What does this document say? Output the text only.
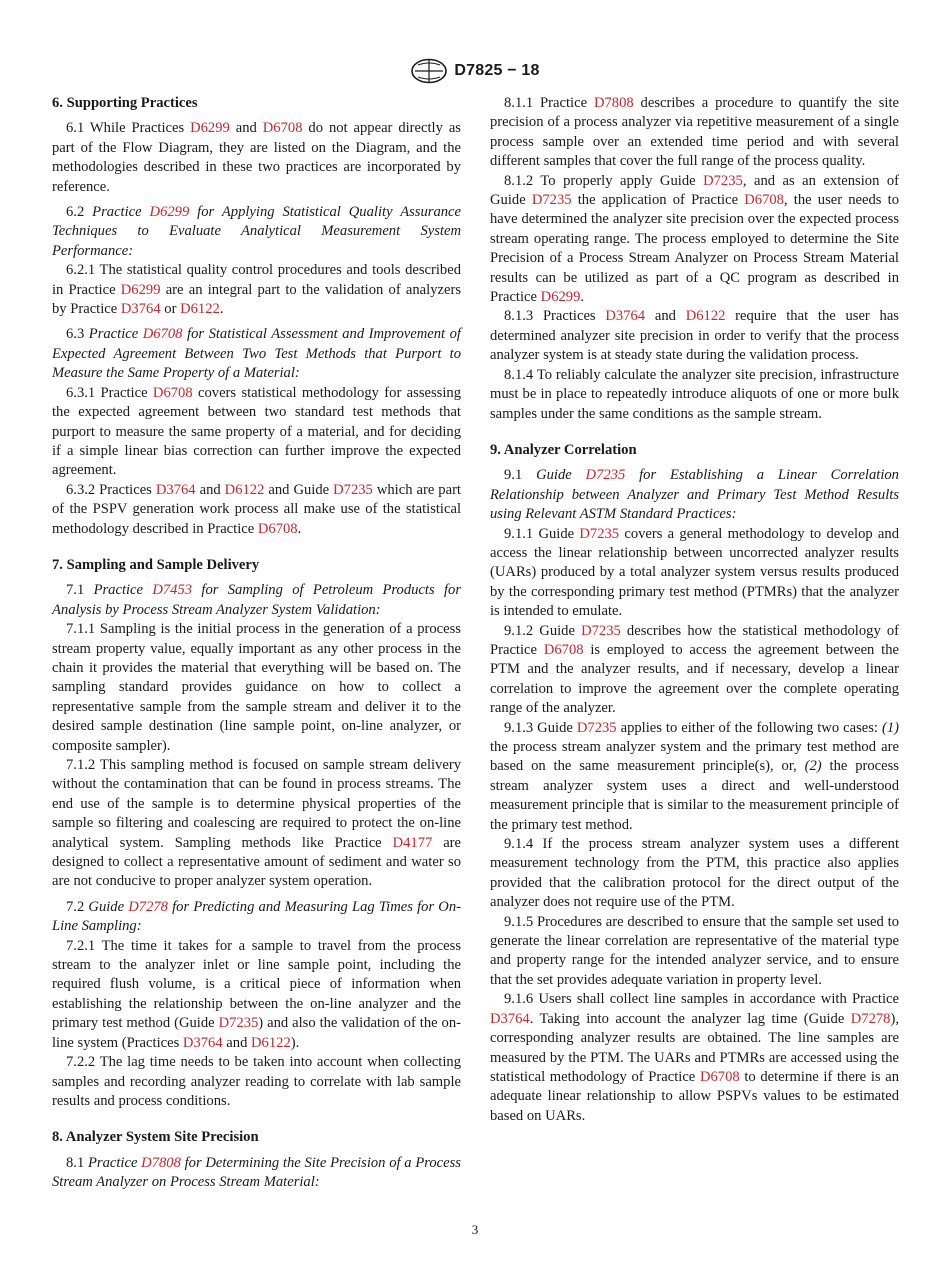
D7825 − 18
6. Supporting Practices

6.1 While Practices D6299 and D6708 do not appear directly as part of the Flow Diagram, they are listed on the Diagram, and the methodologies described in these two practices are incorporated by reference.

6.2 Practice D6299 for Applying Statistical Quality Assurance Techniques to Evaluate Analytical Measurement System Performance:

6.2.1 The statistical quality control procedures and tools described in Practice D6299 are an integral part to the validation of analyzers by Practice D3764 or D6122.

6.3 Practice D6708 for Statistical Assessment and Improvement of Expected Agreement Between Two Test Methods that Purport to Measure the Same Property of a Material:

6.3.1 Practice D6708 covers statistical methodology for assessing the expected agreement between two standard test methods that purport to measure the same property of a material, and for deciding if a simple linear bias correction can further improve the expected agreement.

6.3.2 Practices D3764 and D6122 and Guide D7235 which are part of the PSPV generation work process all make use of the statistical methodology described in Practice D6708.

7. Sampling and Sample Delivery

7.1 Practice D7453 for Sampling of Petroleum Products for Analysis by Process Stream Analyzer System Validation:

7.1.1 Sampling is the initial process in the generation of a process stream property value, equally important as any other process in the chain it provides the material that everything will be based on. The sampling standard provides guidance on how to collect a representative sample from the sample stream and deliver it to the desired sample destination (line sample point, on-line analyzer, or composite sampler).

7.1.2 This sampling method is focused on sample stream delivery without the contamination that can be found in process streams. The end use of the sample is to determine physical properties of the sample so filtering and coalescing are required to protect the on-line analytical system. Sampling methods like Practice D4177 are designed to collect a representative amount of sediment and water so are not conducive to proper analyzer system operation.

7.2 Guide D7278 for Predicting and Measuring Lag Times for On-Line Sampling:

7.2.1 The time it takes for a sample to travel from the process stream to the analyzer inlet or line sample point, including the required flush volume, is a critical piece of information when establishing the relationship between the on-line analyzer and the primary test method (Guide D7235) and also the validation of the on-line system (Practices D3764 and D6122).

7.2.2 The lag time needs to be taken into account when collecting samples and recording analyzer reading to correlate with lab sample results and process conditions.

8. Analyzer System Site Precision

8.1 Practice D7808 for Determining the Site Precision of a Process Stream Analyzer on Process Stream Material:

8.1.1 Practice D7808 describes a procedure to quantify the site precision of a process analyzer via repetitive measurement of a single process sample over an extended time period and with several different samples that cover the full range of the process quality.

8.1.2 To properly apply Guide D7235, and as an extension of Guide D7235 the application of Practice D6708, the user needs to have determined the analyzer site precision over the expected process stream operating range. The process employed to determine the Site Precision of a Process Stream Analyzer on Process Stream Material results can be utilized as part of a QC program as described in Practice D6299.

8.1.3 Practices D3764 and D6122 require that the user has determined analyzer site precision in order to verify that the process analyzer system is at steady state during the validation process.

8.1.4 To reliably calculate the analyzer site precision, infrastructure must be in place to repeatedly introduce aliquots of one or more bulk samples under the same conditions as the sample stream.

9. Analyzer Correlation

9.1 Guide D7235 for Establishing a Linear Correlation Relationship between Analyzer and Primary Test Method Results using Relevant ASTM Standard Practices:

9.1.1 Guide D7235 covers a general methodology to develop and access the linear relationship between uncorrected analyzer results (UARs) produced by a total analyzer system versus results produced by the corresponding primary test method (PTMRs) that the analyzer is intended to emulate.

9.1.2 Guide D7235 describes how the statistical methodology of Practice D6708 is employed to access the agreement between the PTM and the analyzer results, and if necessary, develop a linear correlation to improve the agreement over the complete operating range of the analyzer.

9.1.3 Guide D7235 applies to either of the following two cases: (1) the process stream analyzer system and the primary test method are based on the same measurement principle(s), or, (2) the process stream analyzer system uses a direct and well-understood measurement principle that is similar to the measurement principle of the primary test method.

9.1.4 If the process stream analyzer system uses a different measurement technology from the PTM, this practice also applies provided that the calibration protocol for the direct output of the analyzer does not require use of the PTM.

9.1.5 Procedures are described to ensure that the sample set used to generate the linear correlation are representative of the material type and property range for the intended analyzer service, and to ensure that the set provides adequate variation in property level.

9.1.6 Users shall collect line samples in accordance with Practice D3764. Taking into account the analyzer lag time (Guide D7278), corresponding analyzer results are obtained. The line samples are measured by the PTM. The UARs and PTMRs are accessed using the statistical methodology of Practice D6708 to determine if there is an adequate linear relationship to allow PSPVs values to be estimated based on UARs.

3
